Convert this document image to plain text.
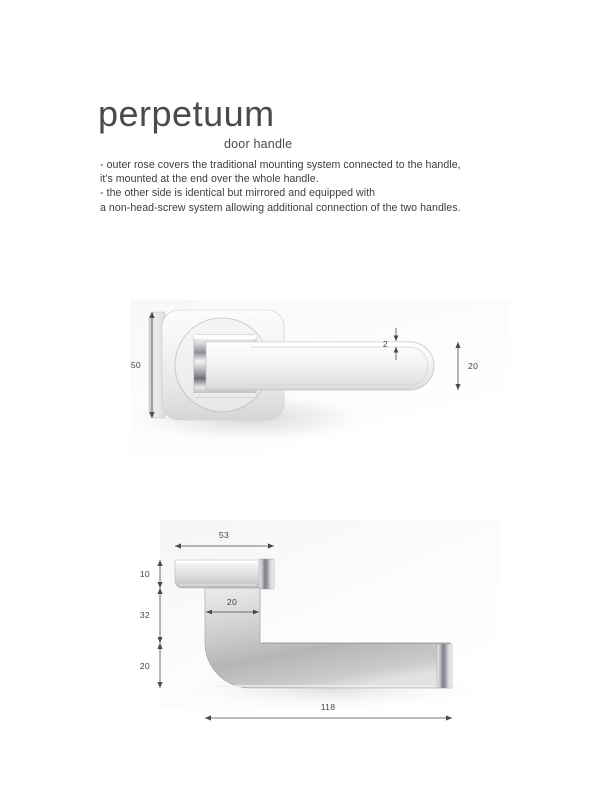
perpetuum
door handle

- outer rose covers the traditional mounting system connected to the handle,

it's mounted at the end over the whole handle.

- the other side is identical but mirrored and equipped with

a non-head-screw system allowing additional connection of the two handles.

50
2
20
53
10
20
32
20
118
